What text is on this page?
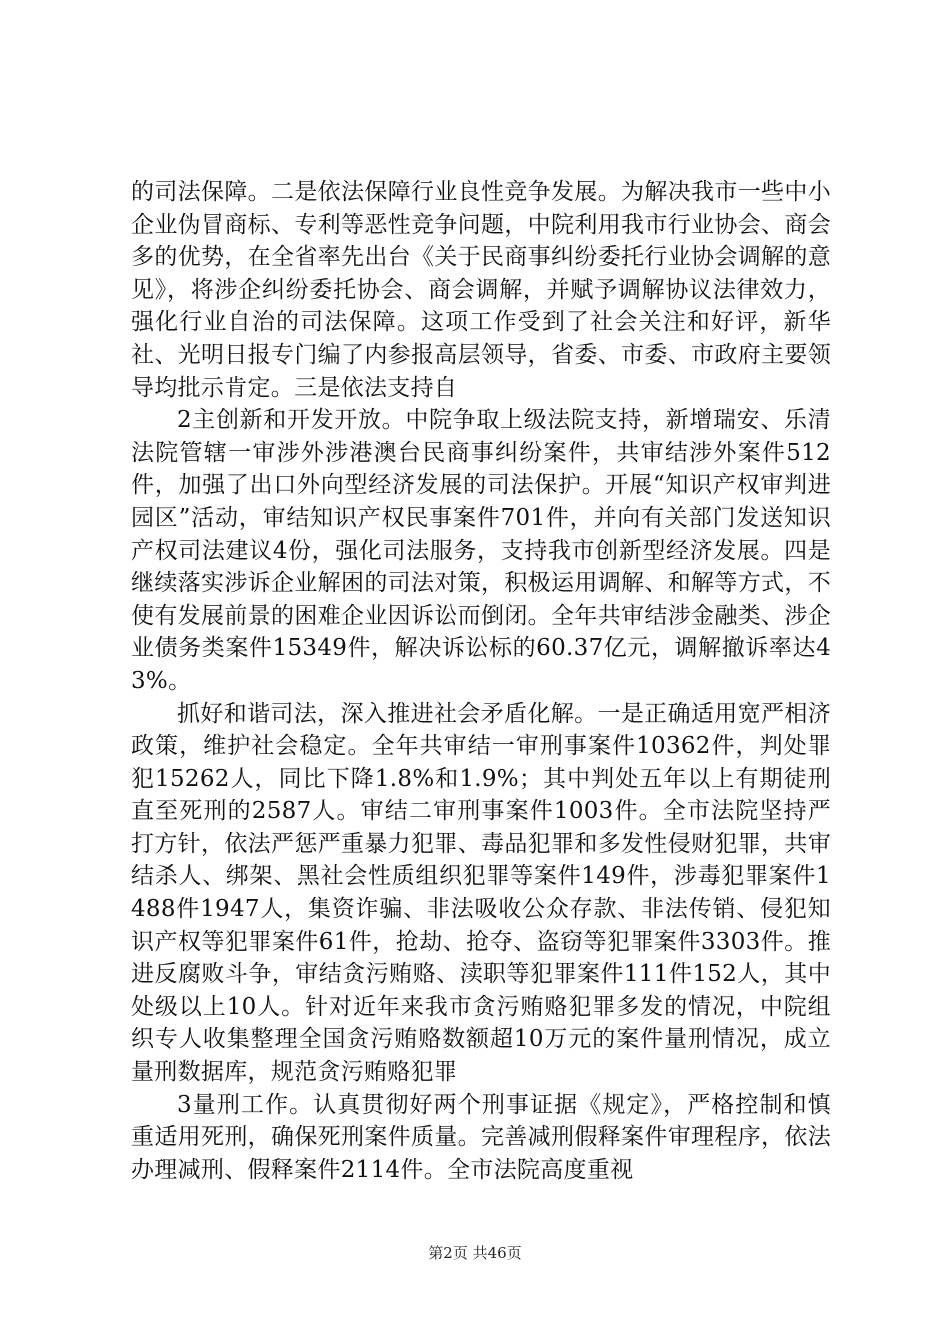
的司法保障。二是依法保障行业良性竞争发展。为解决我市一些中小企业伪冒商标、专利等恶性竞争问题，中院利用我市行业协会、商会多的优势，在全省率先出台《关于民商事纠纷委托行业协会调解的意见》，将涉企纠纷委托协会、商会调解，并赋予调解协议法律效力，强化行业自治的司法保障。这项工作受到了社会关注和好评，新华社、光明日报专门编了内参报高层领导，省委、市委、市政府主要领导均批示肯定。三是依法支持自

2主创新和开发开放。中院争取上级法院支持，新增瑞安、乐清法院管辖一审涉外涉港澳台民商事纠纷案件，共审结涉外案件512件，加强了出口外向型经济发展的司法保护。开展“知识产权审判进园区”活动，审结知识产权民事案件701件，并向有关部门发送知识产权司法建议4份，强化司法服务，支持我市创新型经济发展。四是继续落实涉诉企业解困的司法对策，积极运用调解、和解等方式，不使有发展前景的困难企业因诉讼而倒闭。全年共审结涉金融类、涉企业债务类案件15349件，解决诉讼标的60.37亿元，调解撤诉率达43%。

抓好和谐司法，深入推进社会矛盾化解。一是正确适用宽严相济政策，维护社会稳定。全年共审结一审刑事案件10362件，判处罪犯15262人，同比下降1.8%和1.9%；其中判处五年以上有期徒刑直至死刑的2587人。审结二审刑事案件1003件。全市法院坚持严打方针，依法严惩严重暴力犯罪、毒品犯罪和多发性侵财犯罪，共审结杀人、绑架、黑社会性质组织犯罪等案件149件，涉毒犯罪案件1488件1947人，集资诈骗、非法吸收公众存款、非法传销、侵犯知识产权等犯罪案件61件，抢劫、抢夺、盗窃等犯罪案件3303件。推进反腐败斗争，审结贪污贿赂、渎职等犯罪案件111件152人，其中处级以上10人。针对近年来我市贪污贿赂犯罪多发的情况，中院组织专人收集整理全国贪污贿赂数额超10万元的案件量刑情况，成立量刑数据库，规范贪污贿赂犯罪

3量刑工作。认真贯彻好两个刑事证据《规定》，严格控制和慎重适用死刑，确保死刑案件质量。完善减刑假释案件审理程序，依法办理减刑、假释案件2114件。全市法院高度重视

第2页 共46页
